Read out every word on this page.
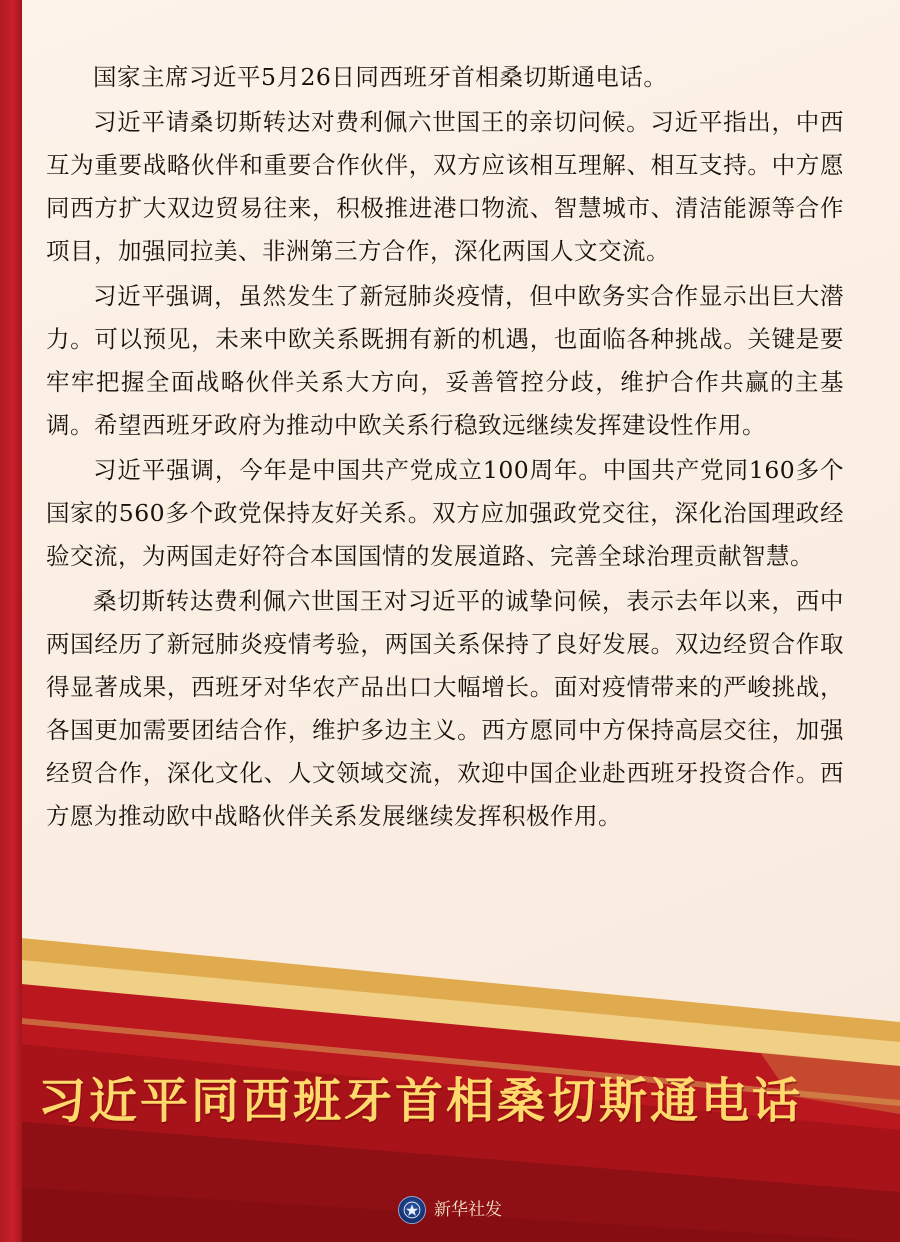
国家主席习近平5月26日同西班牙首相桑切斯通电话。

习近平请桑切斯转达对费利佩六世国王的亲切问候。习近平指出，中西互为重要战略伙伴和重要合作伙伴，双方应该相互理解、相互支持。中方愿同西方扩大双边贸易往来，积极推进港口物流、智慧城市、清洁能源等合作项目，加强同拉美、非洲第三方合作，深化两国人文交流。

习近平强调，虽然发生了新冠肺炎疫情，但中欧务实合作显示出巨大潜力。可以预见，未来中欧关系既拥有新的机遇，也面临各种挑战。关键是要牢牢把握全面战略伙伴关系大方向，妥善管控分歧，维护合作共赢的主基调。希望西班牙政府为推动中欧关系行稳致远继续发挥建设性作用。

习近平强调，今年是中国共产党成立100周年。中国共产党同160多个国家的560多个政党保持友好关系。双方应加强政党交往，深化治国理政经验交流，为两国走好符合本国国情的发展道路、完善全球治理贡献智慧。

桑切斯转达费利佩六世国王对习近平的诚挚问候，表示去年以来，西中两国经历了新冠肺炎疫情考验，两国关系保持了良好发展。双边经贸合作取得显著成果，西班牙对华农产品出口大幅增长。面对疫情带来的严峻挑战，各国更加需要团结合作，维护多边主义。西方愿同中方保持高层交往，加强经贸合作，深化文化、人文领域交流，欢迎中国企业赴西班牙投资合作。西方愿为推动欧中战略伙伴关系发展继续发挥积极作用。

习近平同西班牙首相桑切斯通电话
新华社发
